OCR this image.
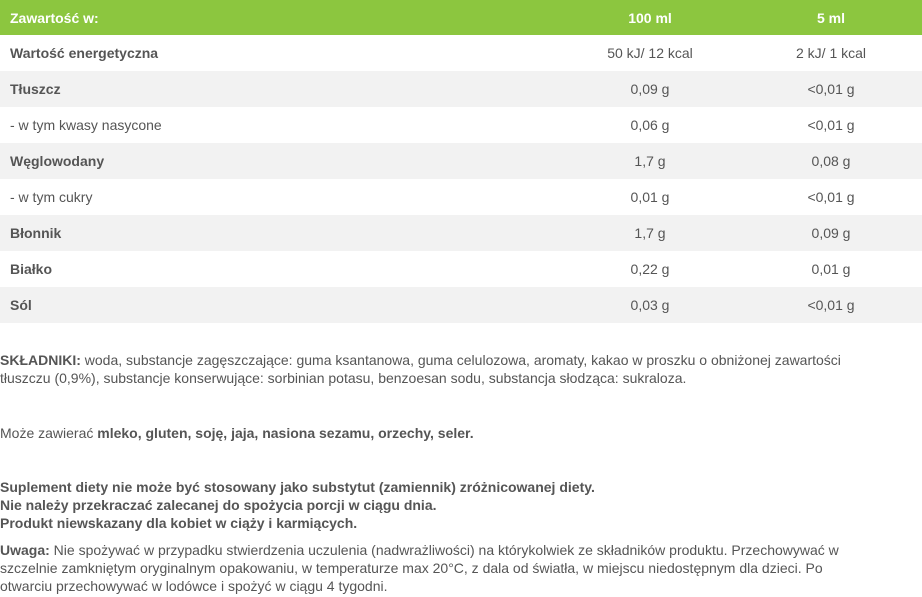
Zawartość w:	100 ml	5 ml
Wartość energetyczna	50 kJ/ 12 kcal	2 kJ/ 1 kcal
Tłuszcz	0,09 g	<0,01 g
- w tym kwasy nasycone	0,06 g	<0,01 g
Węglowodany	1,7 g	0,08 g
- w tym cukry	0,01 g	<0,01 g
Błonnik	1,7 g	0,09 g
Białko	0,22 g	0,01 g
Sól	0,03 g	<0,01 g
SKŁADNIKI: woda, substancje zagęszczające: guma ksantanowa, guma celulozowa, aromaty, kakao w proszku o obniżonej zawartości
tłuszczu (0,9%), substancje konserwujące: sorbinian potasu, benzoesan sodu, substancja słodząca: sukraloza.
Może zawierać mleko, gluten, soję, jaja, nasiona sezamu, orzechy, seler.
Suplement diety nie może być stosowany jako substytut (zamiennik) zróżnicowanej diety.
Nie należy przekraczać zalecanej do spożycia porcji w ciągu dnia.
Produkt niewskazany dla kobiet w ciąży i karmiących.
Uwaga: Nie spożywać w przypadku stwierdzenia uczulenia (nadwrażliwości) na którykolwiek ze składników produktu. Przechowywać w
szczelnie zamkniętym oryginalnym opakowaniu, w temperaturze max 20°C, z dala od światła, w miejscu niedostępnym dla dzieci. Po
otwarciu przechowywać w lodówce i spożyć w ciągu 4 tygodni.
